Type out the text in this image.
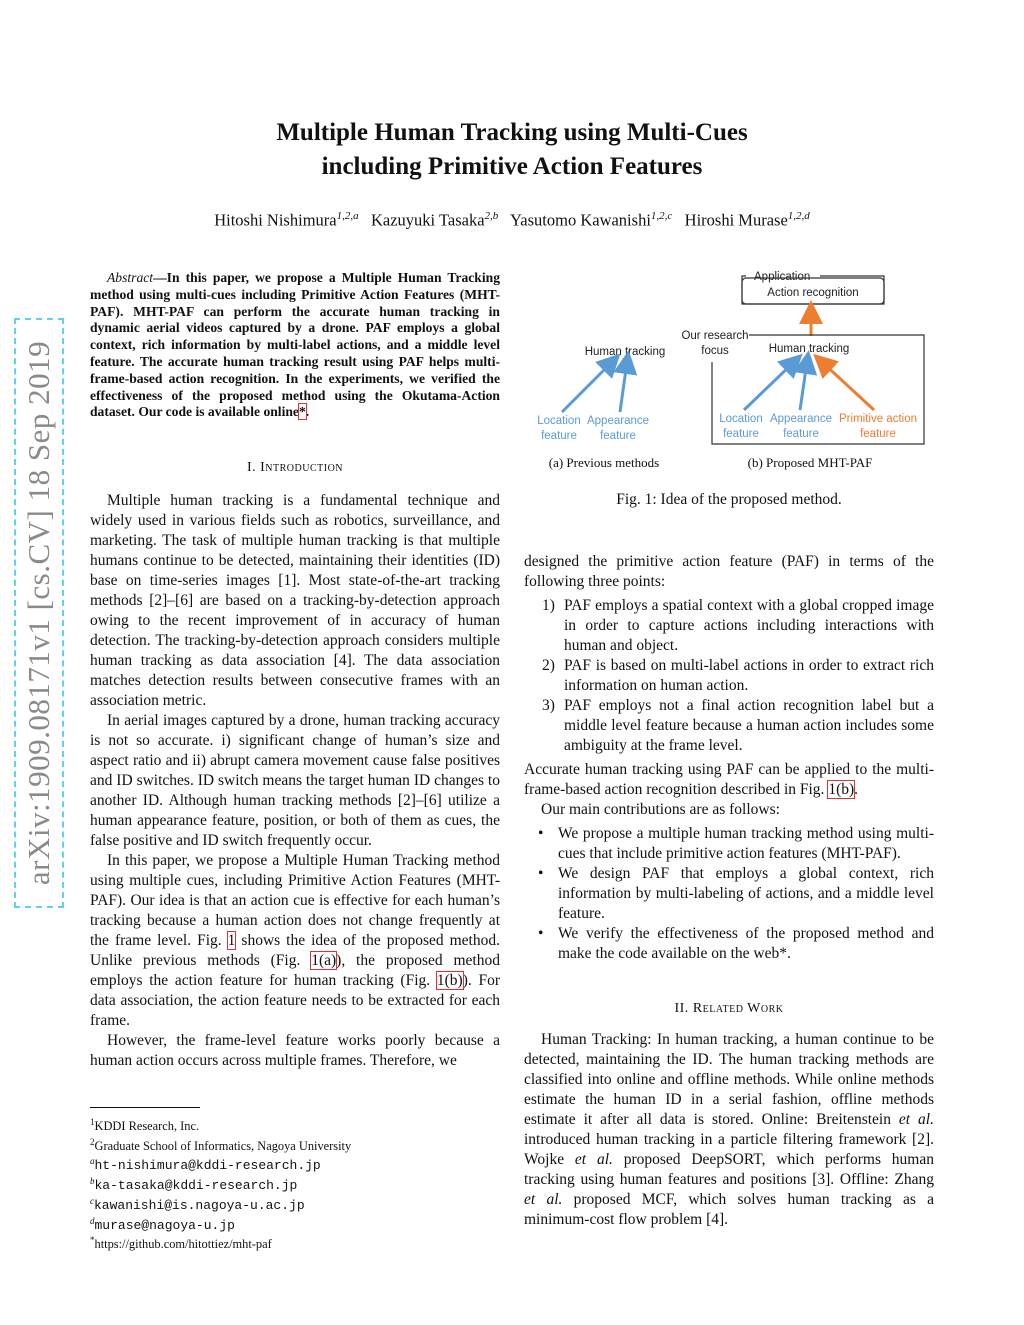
arXiv:1909.08171v1 [cs.CV] 18 Sep 2019
Multiple Human Tracking using Multi-Cues
including Primitive Action Features
Hitoshi Nishimura$^{1,2,a}$ Kazuyuki Tasaka$^{2,b}$ Yasutomo Kawanishi$^{1,2,c}$ Hiroshi Murase$^{1,2,d}$
Abstract—In this paper, we propose a Multiple Human Tracking method using multi-cues including Primitive Action Features (MHT-PAF). MHT-PAF can perform the accurate human tracking in dynamic aerial videos captured by a drone. PAF employs a global context, rich information by multi-label actions, and a middle level feature. The accurate human tracking result using PAF helps multi-frame-based action recognition. In the experiments, we verified the effectiveness of the proposed method using the Okutama-Action dataset. Our code is available online*.
I. Introduction

Multiple human tracking is a fundamental technique and widely used in various fields such as robotics, surveillance, and marketing. The task of multiple human tracking is that multiple humans continue to be detected, maintaining their identities (ID) base on time-series images [1]. Most state-of-the-art tracking methods [2]–[6] are based on a tracking-by-detection approach owing to the recent improvement of in accuracy of human detection. The tracking-by-detection approach considers multiple human tracking as data association [4]. The data association matches detection results between consecutive frames with an association metric.

In aerial images captured by a drone, human tracking accuracy is not so accurate. i) significant change of human’s size and aspect ratio and ii) abrupt camera movement cause false positives and ID switches. ID switch means the target human ID changes to another ID. Although human tracking methods [2]–[6] utilize a human appearance feature, position, or both of them as cues, the false positive and ID switch frequently occur.

In this paper, we propose a Multiple Human Tracking method using multiple cues, including Primitive Action Features (MHT-PAF). Our idea is that an action cue is effective for each human’s tracking because a human action does not change frequently at the frame level. Fig. 1 shows the idea of the proposed method. Unlike previous methods (Fig. 1(a)), the proposed method employs the action feature for human tracking (Fig. 1(b)). For data association, the action feature needs to be extracted for each frame.

However, the frame-level feature works poorly because a human action occurs across multiple frames. Therefore, we

$^1$KDDI Research, Inc.
$^2$Graduate School of Informatics, Nagoya University
$^a$ht-nishimura@kddi-research.jp
$^b$ka-tasaka@kddi-research.jp
$^c$kawanishi@is.nagoya-u.ac.jp
$^d$murase@nagoya-u.jp
*https://github.com/hitottiez/mht-paf
Human tracking
Location
feature
Appearance
feature
Application
Action recognition
Our research
focus	Human tracking
Location
feature
Appearance
feature
Primitive action
feature
(a) Previous methods	(b) Proposed MHT-PAF
Fig. 1: Idea of the proposed method.

designed the primitive action feature (PAF) in terms of the following three points:

1) PAF employs a spatial context with a global cropped image in order to capture actions including interactions with human and object.
2) PAF is based on multi-label actions in order to extract rich information on human action.
3) PAF employs not a final action recognition label but a middle level feature because a human action includes some ambiguity at the frame level.

Accurate human tracking using PAF can be applied to the multi-frame-based action recognition described in Fig. 1(b).

Our main contributions are as follows:

• We propose a multiple human tracking method using multi-cues that include primitive action features (MHT-PAF).
• We design PAF that employs a global context, rich information by multi-labeling of actions, and a middle level feature.
• We verify the effectiveness of the proposed method and make the code available on the web*.
II. Related Work

Human Tracking: In human tracking, a human continue to be detected, maintaining the ID. The human tracking methods are classified into online and offline methods. While online methods estimate the human ID in a serial fashion, offline methods estimate it after all data is stored. Online: Breitenstein et al. introduced human tracking in a particle filtering framework [2]. Wojke et al. proposed DeepSORT, which performs human tracking using human features and positions [3]. Offline: Zhang et al. proposed MCF, which solves human tracking as a minimum-cost flow problem [4].
